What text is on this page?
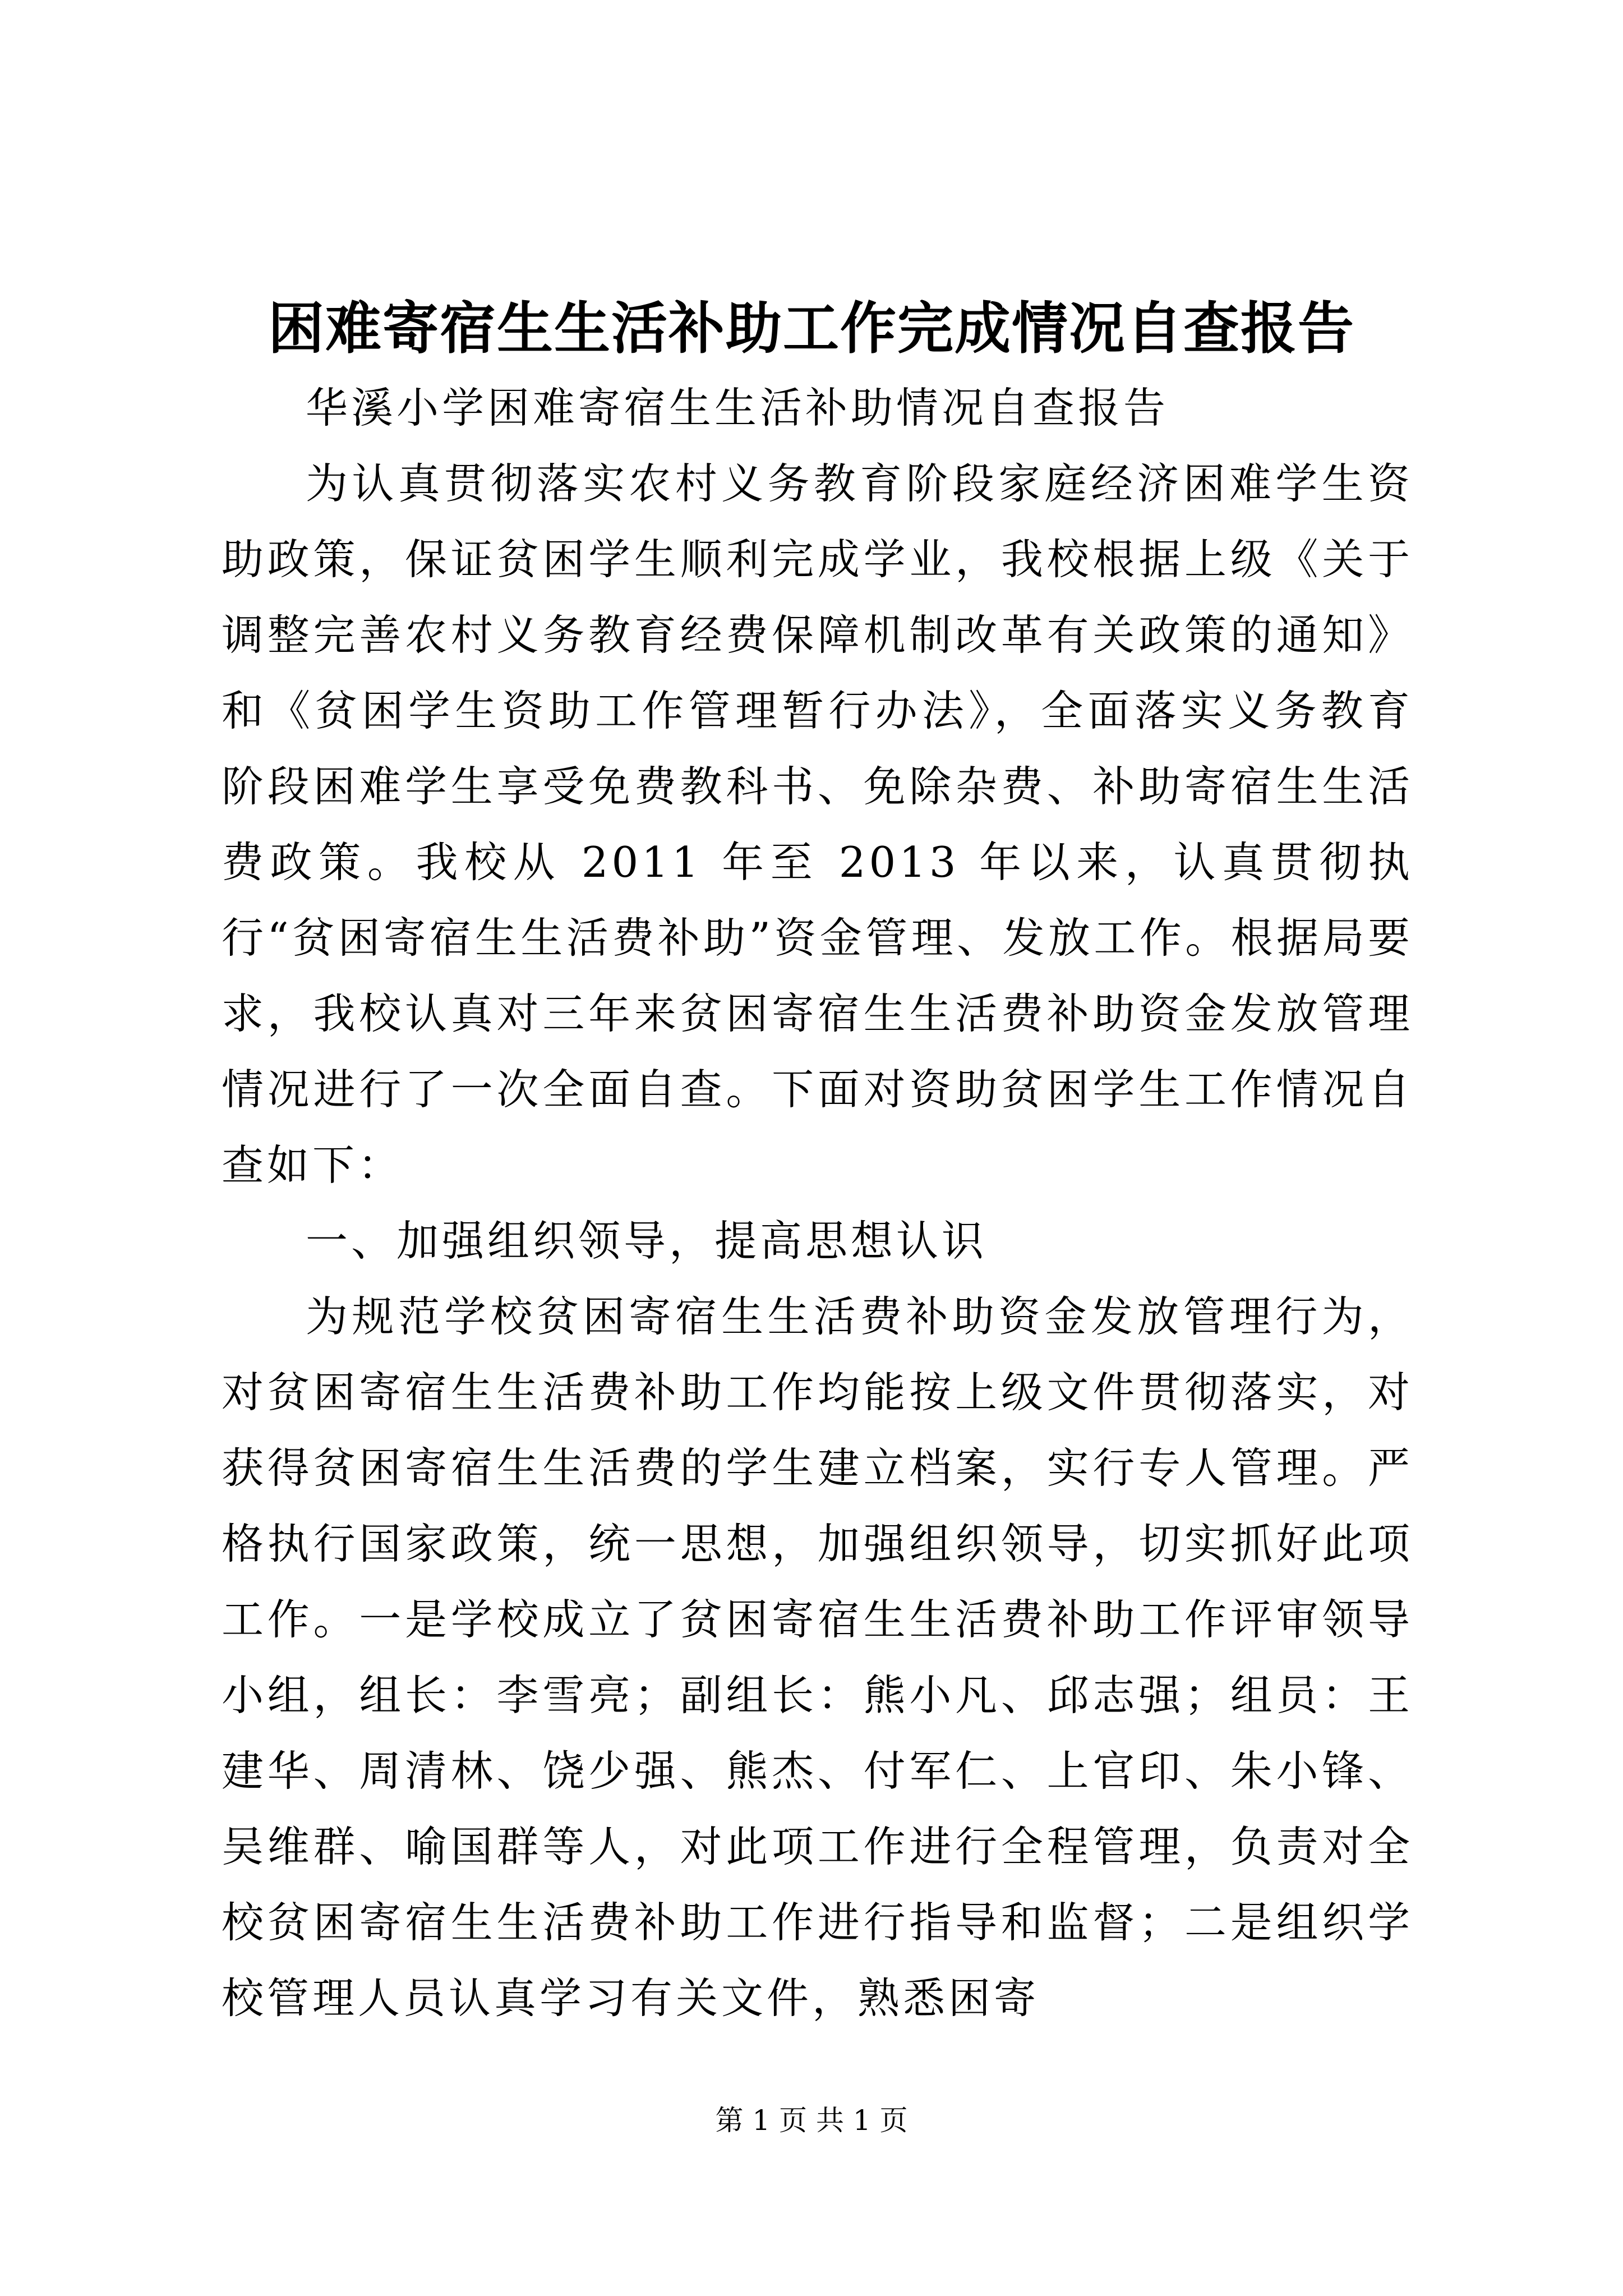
困难寄宿生生活补助工作完成情况自查报告

华溪小学困难寄宿生生活补助情况自查报告

为认真贯彻落实农村义务教育阶段家庭经济困难学生资助政策，保证贫困学生顺利完成学业，我校根据上级《关于调整完善农村义务教育经费保障机制改革有关政策的通知》和《贫困学生资助工作管理暂行办法》，全面落实义务教育阶段困难学生享受免费教科书、免除杂费、补助寄宿生生活费政策。我校从 2011 年至 2013 年以来，认真贯彻执行“贫困寄宿生生活费补助”资金管理、发放工作。根据局要求，我校认真对三年来贫困寄宿生生活费补助资金发放管理情况进行了一次全面自查。下面对资助贫困学生工作情况自查如下：

一、加强组织领导，提高思想认识

为规范学校贫困寄宿生生活费补助资金发放管理行为，对贫困寄宿生生活费补助工作均能按上级文件贯彻落实，对获得贫困寄宿生生活费的学生建立档案，实行专人管理。严格执行国家政策，统一思想，加强组织领导，切实抓好此项工作。一是学校成立了贫困寄宿生生活费补助工作评审领导小组，组长：李雪亮；副组长：熊小凡、邱志强；组员：王建华、周清林、饶少强、熊杰、付军仁、上官印、朱小锋、吴维群、喻国群等人，对此项工作进行全程管理，负责对全校贫困寄宿生生活费补助工作进行指导和监督；二是组织学校管理人员认真学习有关文件，熟悉困寄

第 1 页 共 1 页
